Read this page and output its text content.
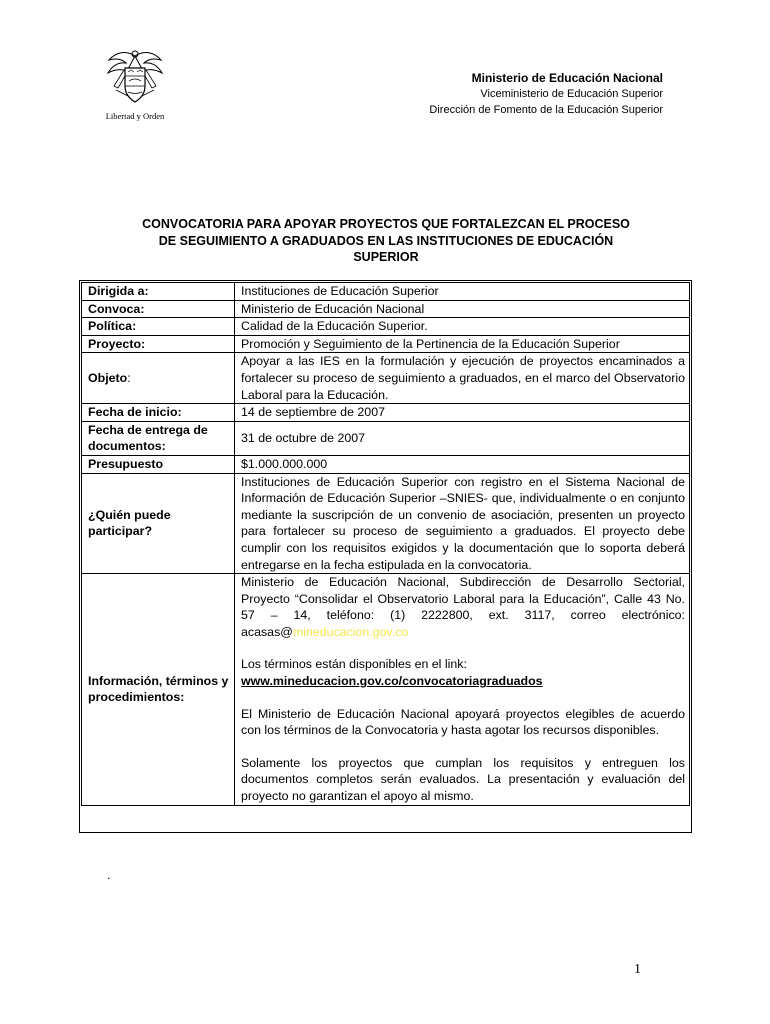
Libertad y Orden
Ministerio de Educación Nacional
Viceministerio de Educación Superior
Dirección de Fomento de la Educación Superior
CONVOCATORIA PARA APOYAR PROYECTOS QUE FORTALEZCAN EL PROCESO
DE SEGUIMIENTO A GRADUADOS EN LAS INSTITUCIONES DE EDUCACIÓN
SUPERIOR
Dirigida a:	Instituciones de Educación Superior
Convoca:	Ministerio de Educación Nacional
Política:	Calidad de la Educación Superior.
Proyecto:	Promoción y Seguimiento de la Pertinencia de la Educación Superior
Objeto:	Apoyar a las IES en la formulación y ejecución de proyectos encaminados a fortalecer su proceso de seguimiento a graduados, en el marco del Observatorio Laboral para la Educación.
Fecha de inicio:	14 de septiembre de 2007
Fecha de entrega de documentos:	31 de octubre de 2007
Presupuesto	$1.000.000.000
¿Quién puede participar?	Instituciones de Educación Superior con registro en el Sistema Nacional de Información de Educación Superior –SNIES- que, individualmente o en conjunto mediante la suscripción de un convenio de asociación, presenten un proyecto para fortalecer su proceso de seguimiento a graduados. El proyecto debe cumplir con los requisitos exigidos y la documentación que lo soporta deberá entregarse en la fecha estipulada en la convocatoria.
Información, términos y procedimientos:	Ministerio de Educación Nacional, Subdirección de Desarrollo Sectorial, Proyecto “Consolidar el Observatorio Laboral para la Educación”, Calle 43 No. 57 – 14, teléfono: (1) 2222800, ext. 3117, correo electrónico: acasas@mineducacion.gov.co
Los términos están disponibles en el link:
www.mineducacion.gov.co/convocatoriagraduados
El Ministerio de Educación Nacional apoyará proyectos elegibles de acuerdo con los términos de la Convocatoria y hasta agotar los recursos disponibles.
Solamente los proyectos que cumplan los requisitos y entreguen los documentos completos serán evaluados. La presentación y evaluación del proyecto no garantizan el apoyo al mismo.
.
1
